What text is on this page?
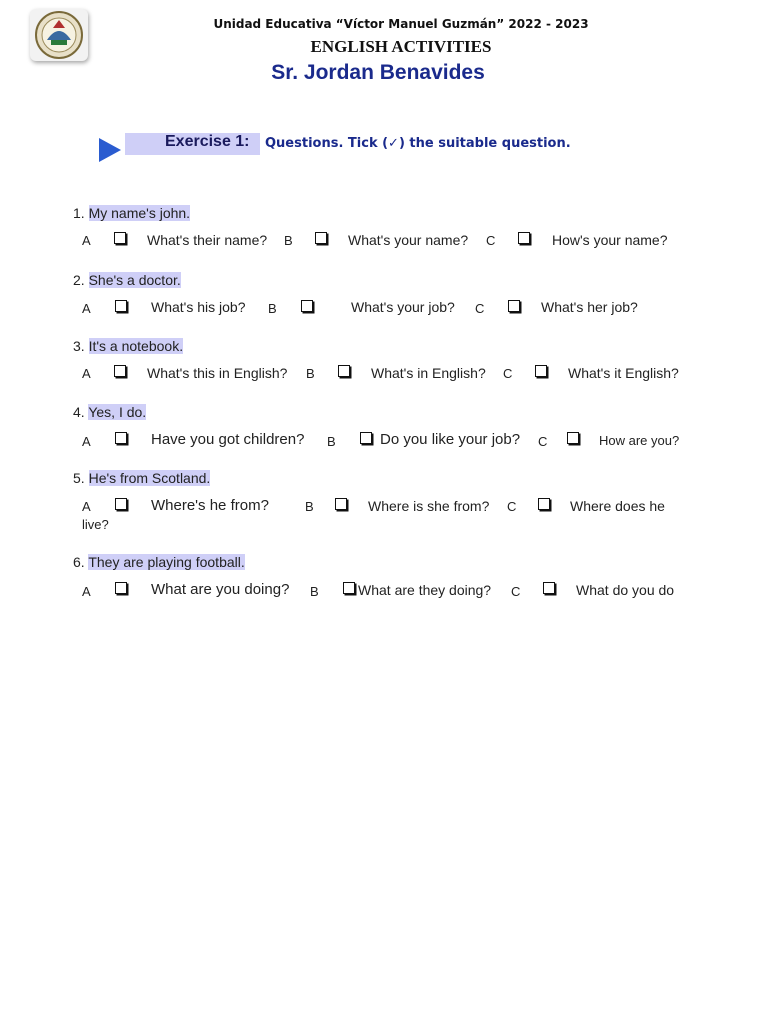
Unidad Educativa “Víctor Manuel Guzmán” 2022 - 2023
ENGLISH ACTIVITIES
Sr. Jordan Benavides
Exercise 1: Questions. Tick (✓) the suitable question.
1. My name's john.
A	What's their name? B	What's your name? C	How's your name?
2. She's a doctor.
A	What's his job? B	What's your job? C	What's her job?
3. It's a notebook.
A	What's this in English? B	What's in English? C	What's it English?
4. Yes, I do.
A	Have you got children? B	Do you like your job? C	How are you?
5. He's from Scotland.
A	Where's he from?	B	Where is she from? C	Where does he
live?
6. They are playing football.
A	What are you doing? B	What are they doing? C	What do you do
